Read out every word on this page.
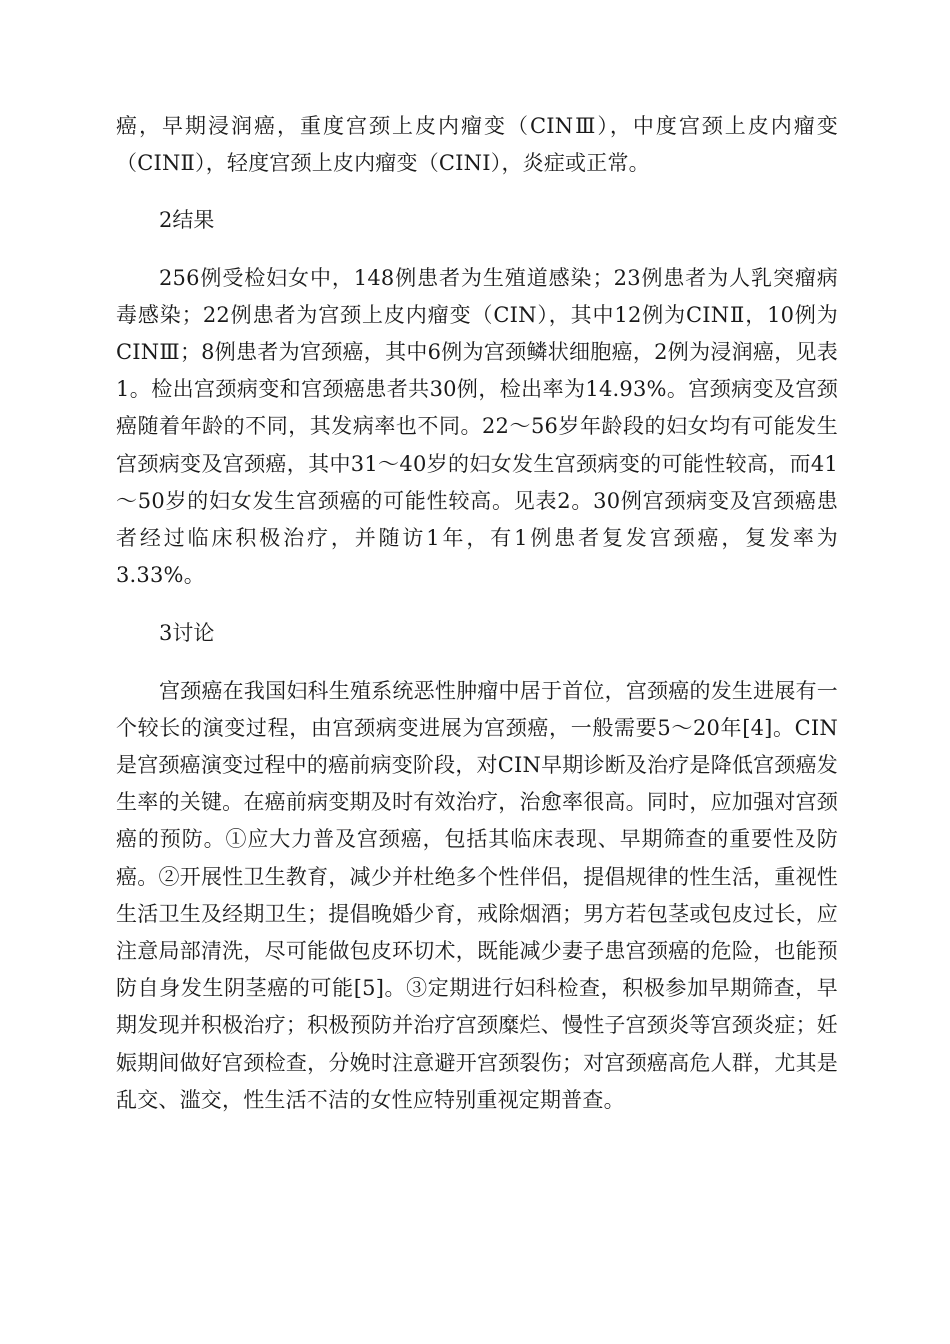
癌，早期浸润癌，重度宫颈上皮内瘤变（CINⅢ），中度宫颈上皮内瘤变（CINⅡ），轻度宫颈上皮内瘤变（CINⅠ），炎症或正常。

2结果

256例受检妇女中，148例患者为生殖道感染；23例患者为人乳突瘤病毒感染；22例患者为宫颈上皮内瘤变（CIN），其中12例为CINⅡ，10例为CINⅢ；8例患者为宫颈癌，其中6例为宫颈鳞状细胞癌，2例为浸润癌，见表1。检出宫颈病变和宫颈癌患者共30例，检出率为14.93%。宫颈病变及宫颈癌随着年龄的不同，其发病率也不同。22～56岁年龄段的妇女均有可能发生宫颈病变及宫颈癌，其中31～40岁的妇女发生宫颈病变的可能性较高，而41～50岁的妇女发生宫颈癌的可能性较高。见表2。30例宫颈病变及宫颈癌患者经过临床积极治疗，并随访1年，有1例患者复发宫颈癌，复发率为3.33%。

3讨论

宫颈癌在我国妇科生殖系统恶性肿瘤中居于首位，宫颈癌的发生进展有一个较长的演变过程，由宫颈病变进展为宫颈癌，一般需要5～20年[4]。CIN是宫颈癌演变过程中的癌前病变阶段，对CIN早期诊断及治疗是降低宫颈癌发生率的关键。在癌前病变期及时有效治疗，治愈率很高。同时，应加强对宫颈癌的预防。①应大力普及宫颈癌，包括其临床表现、早期筛查的重要性及防癌。②开展性卫生教育，减少并杜绝多个性伴侣，提倡规律的性生活，重视性生活卫生及经期卫生；提倡晚婚少育，戒除烟酒；男方若包茎或包皮过长，应注意局部清洗，尽可能做包皮环切术，既能减少妻子患宫颈癌的危险，也能预防自身发生阴茎癌的可能[5]。③定期进行妇科检查，积极参加早期筛查，早期发现并积极治疗；积极预防并治疗宫颈糜烂、慢性子宫颈炎等宫颈炎症；妊娠期间做好宫颈检查，分娩时注意避开宫颈裂伤；对宫颈癌高危人群，尤其是乱交、滥交，性生活不洁的女性应特别重视定期普查。
